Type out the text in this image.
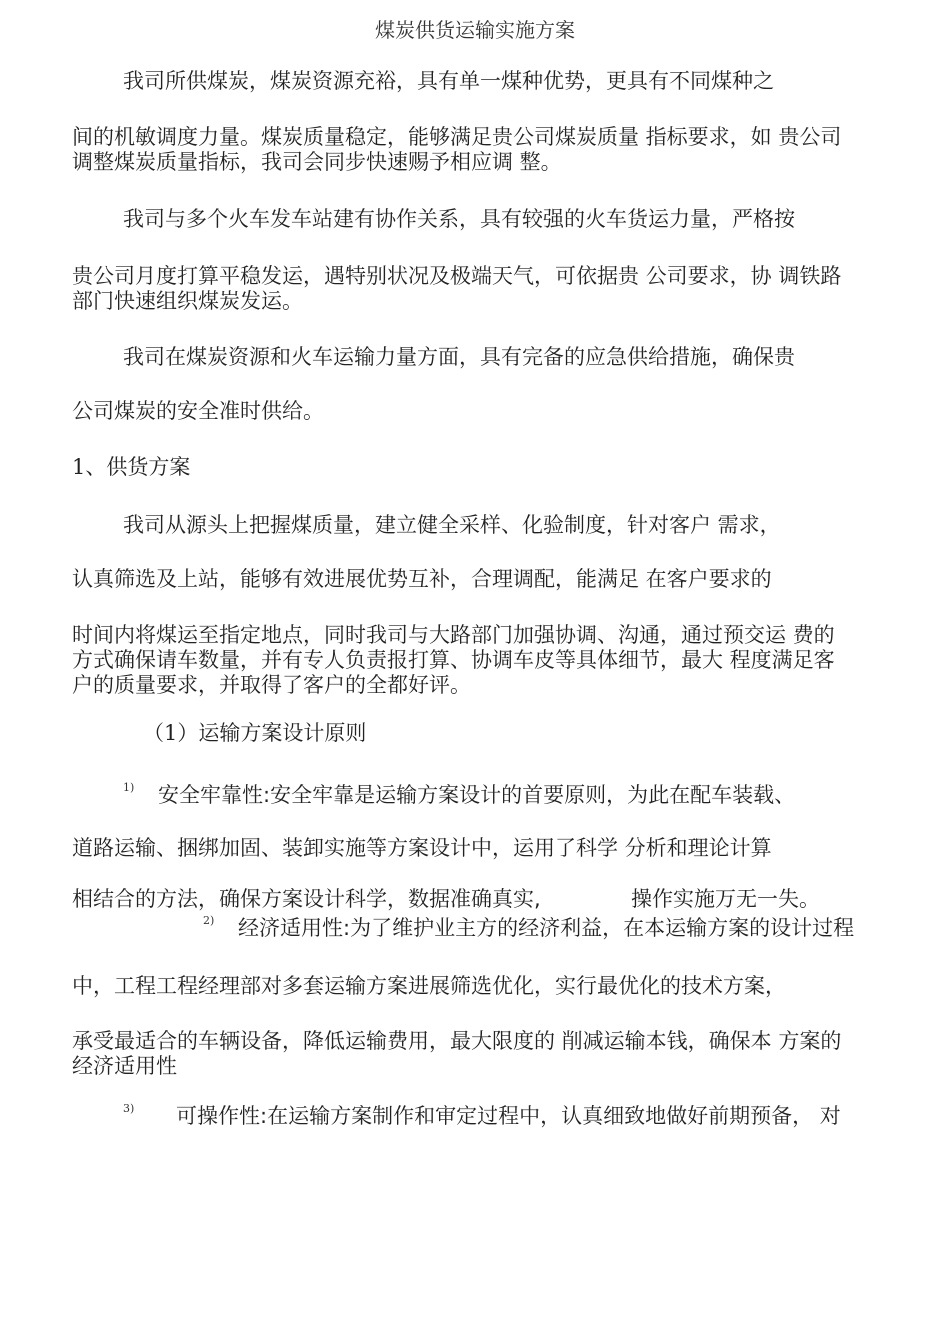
煤炭供货运输实施方案
我司所供煤炭，煤炭资源充裕，具有单一煤种优势，更具有不同煤种之
间的机敏调度力量。煤炭质量稳定，能够满足贵公司煤炭质量 指标要求，如 贵公司
调整煤炭质量指标，我司会同步快速赐予相应调 整。
我司与多个火车发车站建有协作关系，具有较强的火车货运力量，严格按
贵公司月度打算平稳发运，遇特别状况及极端天气，可依据贵 公司要求，协 调铁路
部门快速组织煤炭发运。
我司在煤炭资源和火车运输力量方面，具有完备的应急供给措施，确保贵
公司煤炭的安全准时供给。
1、供货方案
我司从源头上把握煤质量，建立健全采样、化验制度，针对客户 需求，
认真筛选及上站，能够有效进展优势互补，合理调配，能满足 在客户要求的
时间内将煤运至指定地点，同时我司与大路部门加强协调、沟通，通过预交运 费的
方式确保请车数量，并有专人负责报打算、协调车皮等具体细节，最大 程度满足客
户的质量要求，并取得了客户的全都好评。
（1）运输方案设计原则
1) 安全牢靠性:安全牢靠是运输方案设计的首要原则，为此在配车装载、
道路运输、捆绑加固、装卸实施等方案设计中，运用了科学 分析和理论计算
相结合的方法，确保方案设计科学，数据准确真实,	操作实施万无一失。
2) 经济适用性:为了维护业主方的经济利益，在本运输方案的设计过程
中，工程工程经理部对多套运输方案进展筛选优化，实行最优化的技术方案，
承受最适合的车辆设备，降低运输费用，最大限度的 削减运输本钱，确保本 方案的
经济适用性
3) 可操作性:在运输方案制作和审定过程中，认真细致地做好前期预备， 对
